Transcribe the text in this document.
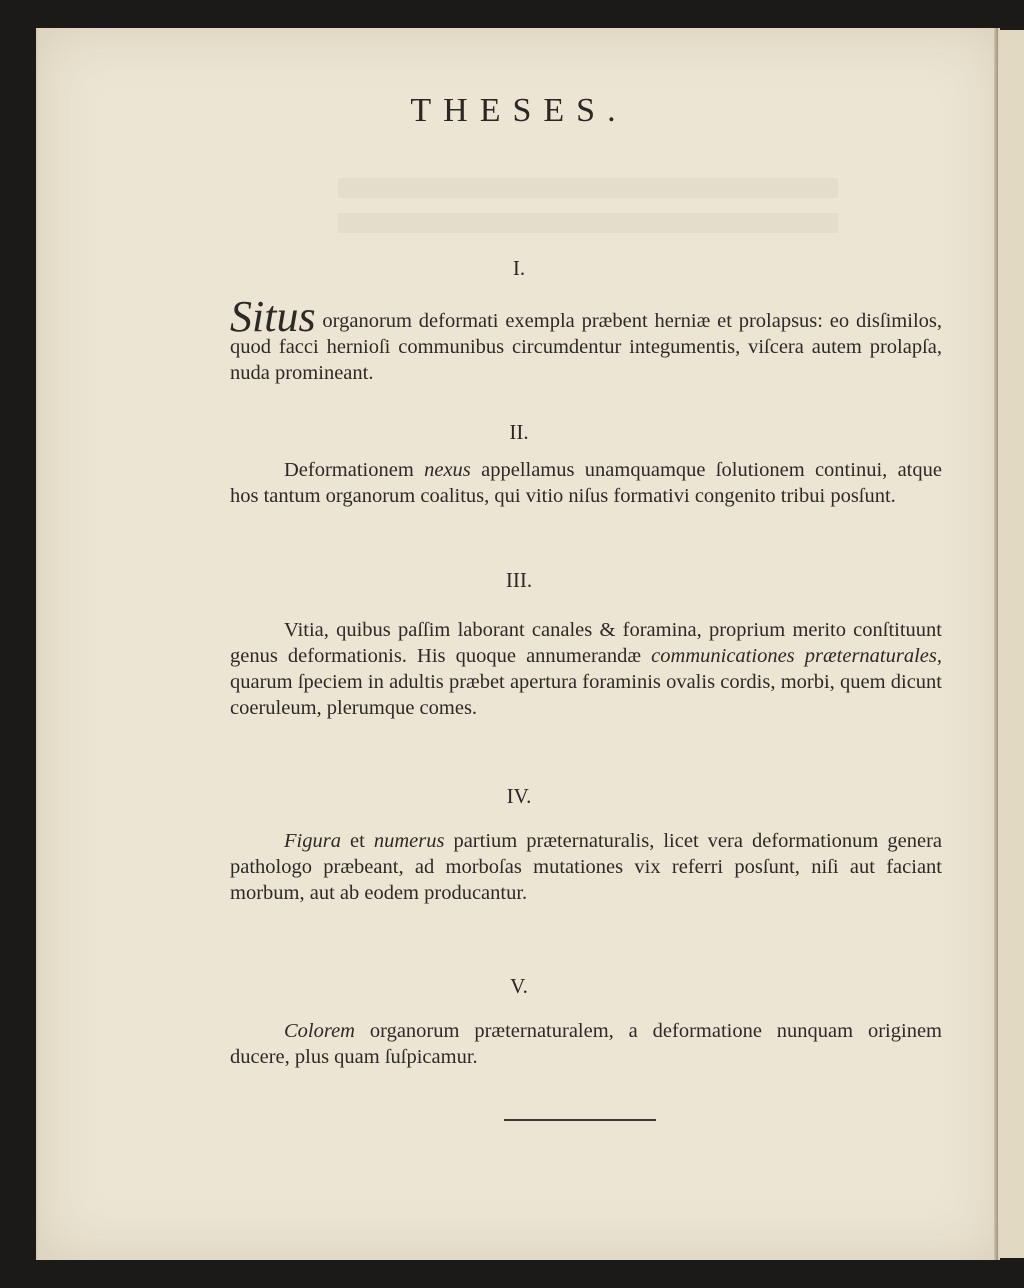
THESES.
I.
Situs organorum deformati exempla præbent herniæ et prolapsus: eo disſimilos, quod facci hernioſi communibus circumdentur integumentis, viſcera autem prolapſa, nuda promineant.
II.
Deformationem nexus appellamus unamquamque ſolutionem continui, atque hos tantum organorum coalitus, qui vitio niſus formativi congenito tribui posſunt.
III.
Vitia, quibus paſſim laborant canales & foramina, proprium merito conſtituunt genus deformationis. His quoque annumerandæ communicationes præternaturales, quarum ſpeciem in adultis præbet apertura foraminis ovalis cordis, morbi, quem dicunt coeruleum, plerumque comes.
IV.
Figura et numerus partium præternaturalis, licet vera deformationum genera pathologo præbeant, ad morboſas mutationes vix referri posſunt, niſi aut faciant morbum, aut ab eodem producantur.
V.
Colorem organorum præternaturalem, a deformatione nunquam originem ducere, plus quam ſuſpicamur.
